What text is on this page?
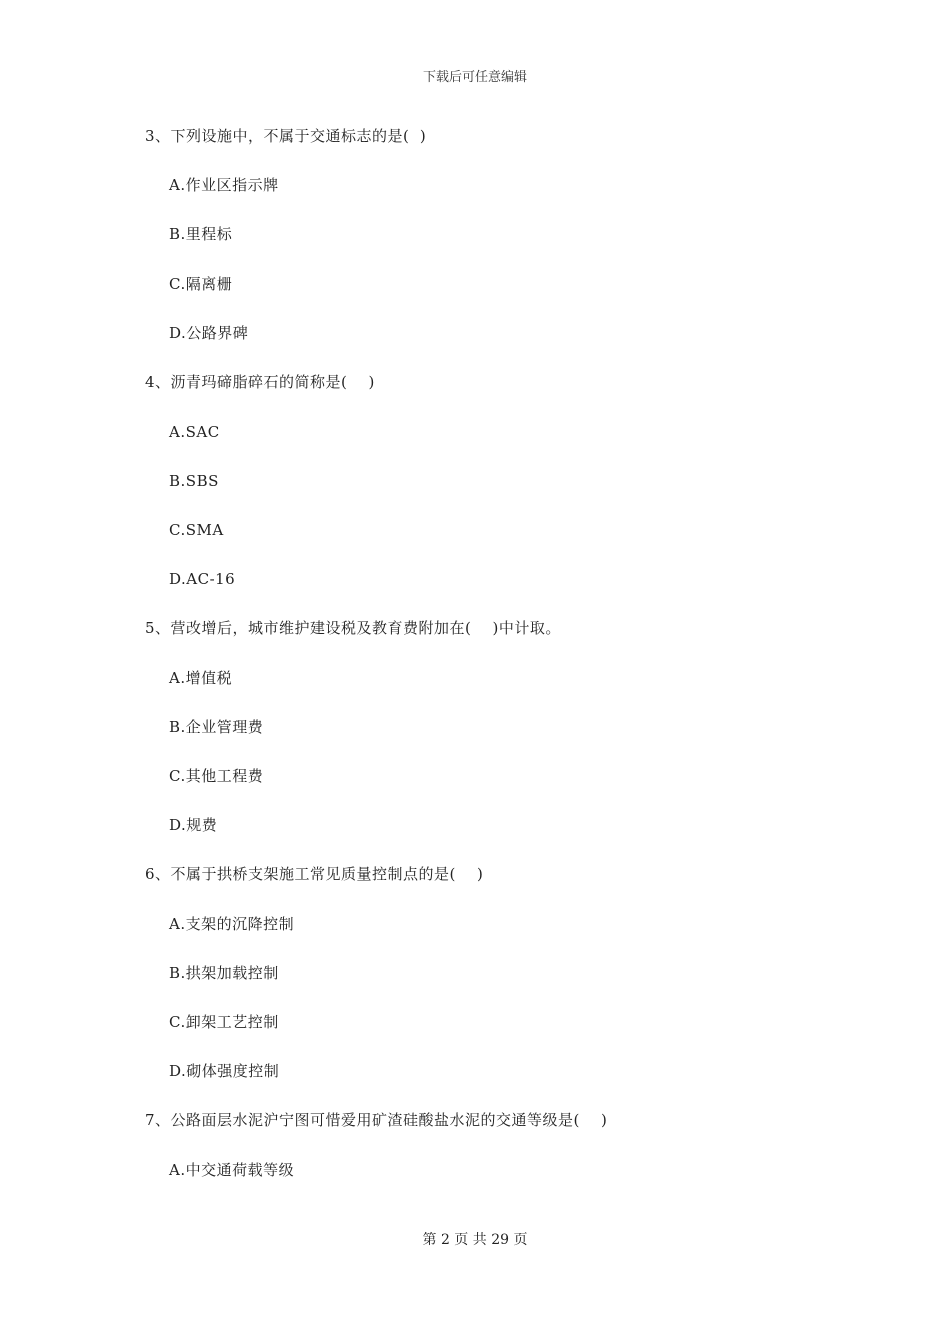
下载后可任意编辑
3、下列设施中，不属于交通标志的是(  )
A.作业区指示牌
B.里程标
C.隔离栅
D.公路界碑
4、沥青玛碲脂碎石的简称是(    )
A.SAC
B.SBS
C.SMA
D.AC-16
5、营改增后，城市维护建设税及教育费附加在(    )中计取。
A.增值税
B.企业管理费
C.其他工程费
D.规费
6、不属于拱桥支架施工常见质量控制点的是(    )
A.支架的沉降控制
B.拱架加载控制
C.卸架工艺控制
D.砌体强度控制
7、公路面层水泥沪宁图可惜爱用矿渣硅酸盐水泥的交通等级是(    )
A.中交通荷载等级
第 2 页 共 29 页
